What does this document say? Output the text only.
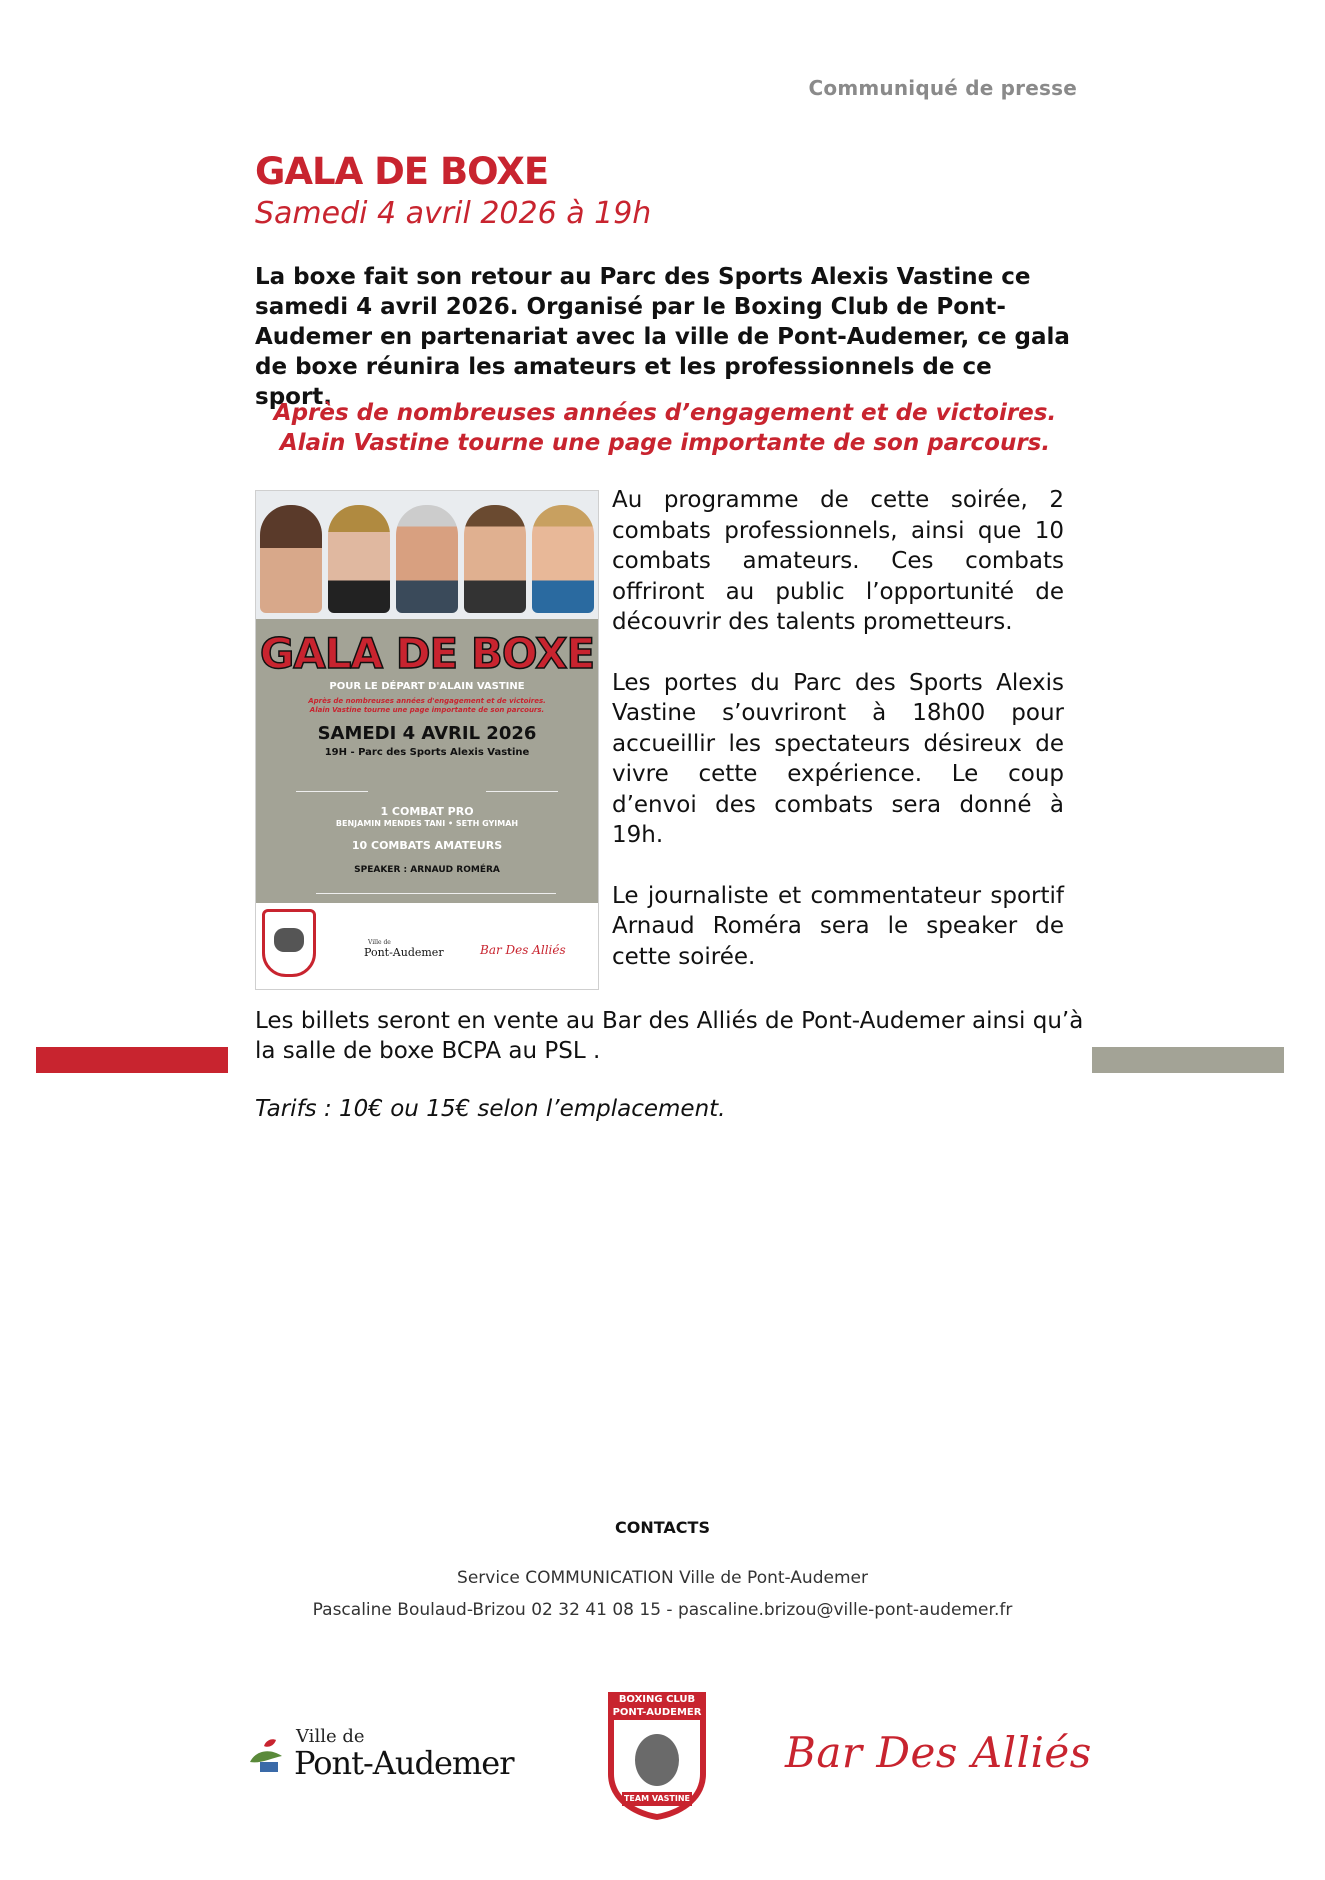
Communiqué de presse
GALA DE BOXE
Samedi 4 avril 2026 à 19h
La boxe fait son retour au Parc des Sports Alexis Vastine ce samedi 4 avril 2026. Organisé par le Boxing Club de Pont-Audemer en partenariat avec la ville de Pont-Audemer, ce gala de boxe réunira les amateurs et les professionnels de ce sport.
Après de nombreuses années d’engagement et de victoires.
Alain Vastine tourne une page importante de son parcours.
GALA DE BOXE
POUR LE DÉPART D'ALAIN VASTINE
Après de nombreuses années d'engagement et de victoires.
Alain Vastine tourne une page importante de son parcours.
SAMEDI 4 AVRIL 2026
19H - Parc des Sports Alexis Vastine
1 COMBAT PRO
BENJAMIN MENDES TANI • SETH GYIMAH
10 COMBATS AMATEURS
SPEAKER : ARNAUD ROMÉRA
Ville de
Pont-Audemer	Bar Des Alliés

Au programme de cette soirée, 2 combats professionnels, ainsi que 10 combats amateurs. Ces combats offriront au public l’opportunité de découvrir des talents prometteurs.

Les portes du Parc des Sports Alexis Vastine s’ouvriront à 18h00 pour accueillir les spectateurs désireux de vivre cette expérience. Le coup d’envoi des combats sera donné à 19h.

Le journaliste et commentateur sportif Arnaud Roméra sera le speaker de cette soirée.

Les billets seront en vente au Bar des Alliés de Pont-Audemer ainsi qu’à la salle de boxe BCPA au PSL .
Tarifs : 10€ ou 15€ selon l’emplacement.
CONTACTS
Service COMMUNICATION Ville de Pont-Audemer
Pascaline Boulaud-Brizou 02 32 41 08 15 - pascaline.brizou@ville-pont-audemer.fr
Ville de
Pont-Audemer
BOXING CLUB
PONT-AUDEMER
TEAM VASTINE
Bar Des Alliés
